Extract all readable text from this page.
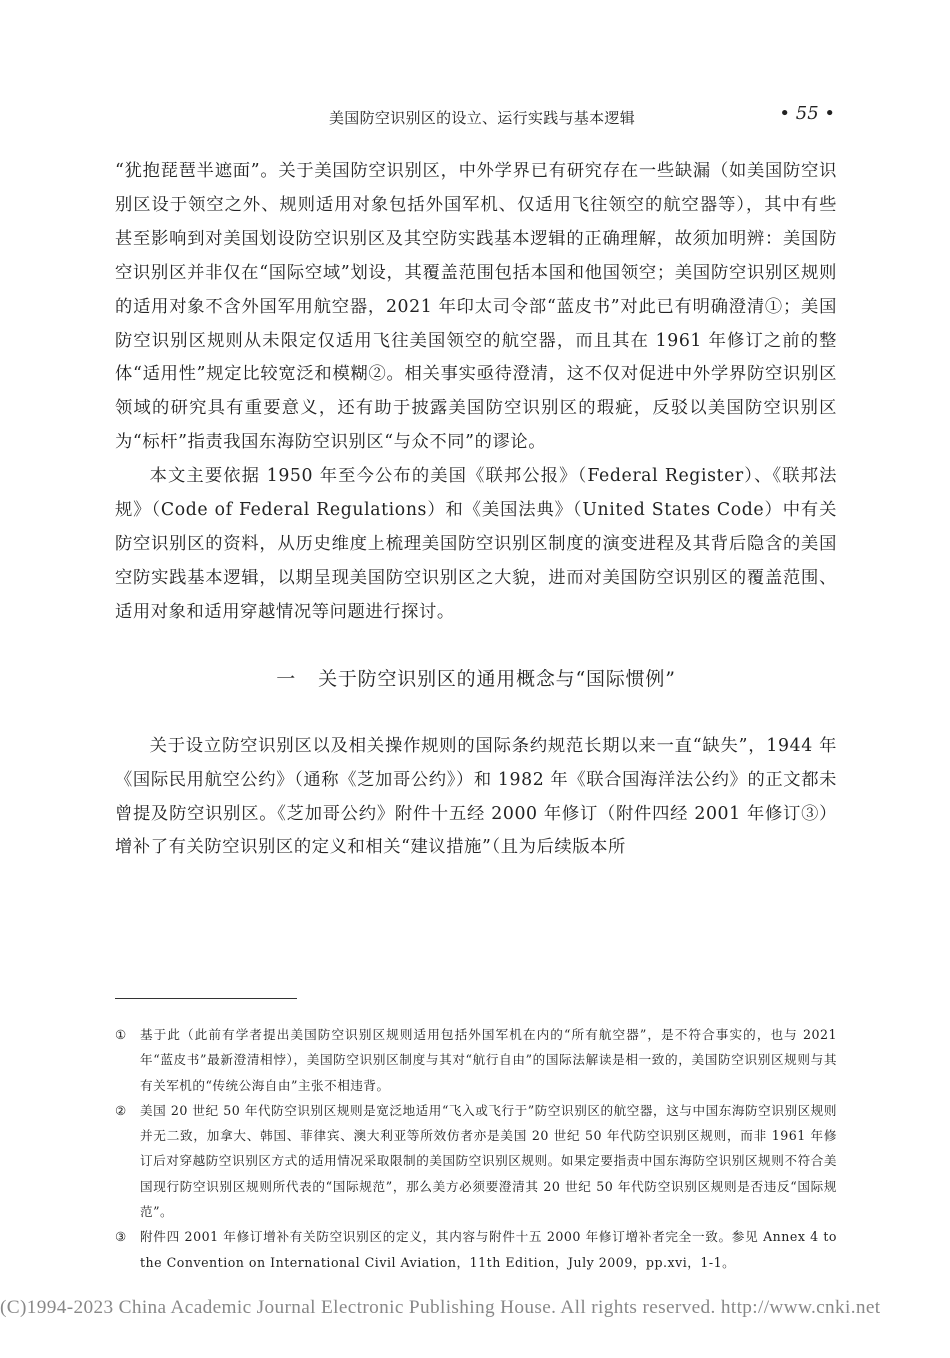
美国防空识别区的设立、运行实践与基本逻辑	• 55 •

“犹抱琵琶半遮面”。关于美国防空识别区，中外学界已有研究存在一些缺漏（如美国防空识别区设于领空之外、规则适用对象包括外国军机、仅适用飞往领空的航空器等），其中有些甚至影响到对美国划设防空识别区及其空防实践基本逻辑的正确理解，故须加明辨：美国防空识别区并非仅在“国际空域”划设，其覆盖范围包括本国和他国领空；美国防空识别区规则的适用对象不含外国军用航空器，2021 年印太司令部“蓝皮书”对此已有明确澄清①；美国防空识别区规则从未限定仅适用飞往美国领空的航空器，而且其在 1961 年修订之前的整体“适用性”规定比较宽泛和模糊②。相关事实亟待澄清，这不仅对促进中外学界防空识别区领域的研究具有重要意义，还有助于披露美国防空识别区的瑕疵，反驳以美国防空识别区为“标杆”指责我国东海防空识别区“与众不同”的谬论。

本文主要依据 1950 年至今公布的美国《联邦公报》（Federal Register）、《联邦法规》（Code of Federal Regulations）和《美国法典》（United States Code）中有关防空识别区的资料，从历史维度上梳理美国防空识别区制度的演变进程及其背后隐含的美国空防实践基本逻辑，以期呈现美国防空识别区之大貌，进而对美国防空识别区的覆盖范围、适用对象和适用穿越情况等问题进行探讨。

一 关于防空识别区的通用概念与“国际惯例”

关于设立防空识别区以及相关操作规则的国际条约规范长期以来一直“缺失”，1944 年《国际民用航空公约》（通称《芝加哥公约》）和 1982 年《联合国海洋法公约》的正文都未曾提及防空识别区。《芝加哥公约》附件十五经 2000 年修订（附件四经 2001 年修订③）增补了有关防空识别区的定义和相关“建议措施”（且为后续版本所

① 基于此（此前有学者提出美国防空识别区规则适用包括外国军机在内的“所有航空器”，是不符合事实的，也与 2021 年“蓝皮书”最新澄清相悖），美国防空识别区制度与其对“航行自由”的国际法解读是相一致的，美国防空识别区规则与其有关军机的“传统公海自由”主张不相违背。
② 美国 20 世纪 50 年代防空识别区规则是宽泛地适用“飞入或飞行于”防空识别区的航空器，这与中国东海防空识别区规则并无二致，加拿大、韩国、菲律宾、澳大利亚等所效仿者亦是美国 20 世纪 50 年代防空识别区规则，而非 1961 年修订后对穿越防空识别区方式的适用情况采取限制的美国防空识别区规则。如果定要指责中国东海防空识别区规则不符合美国现行防空识别区规则所代表的“国际规范”，那么美方必须要澄清其 20 世纪 50 年代防空识别区规则是否违反“国际规范”。
③ 附件四 2001 年修订增补有关防空识别区的定义，其内容与附件十五 2000 年修订增补者完全一致。参见 Annex 4 to the Convention on International Civil Aviation，11th Edition，July 2009，pp.xvi，1-1。
(C)1994-2023 China Academic Journal Electronic Publishing House. All rights reserved. http://www.cnki.net
